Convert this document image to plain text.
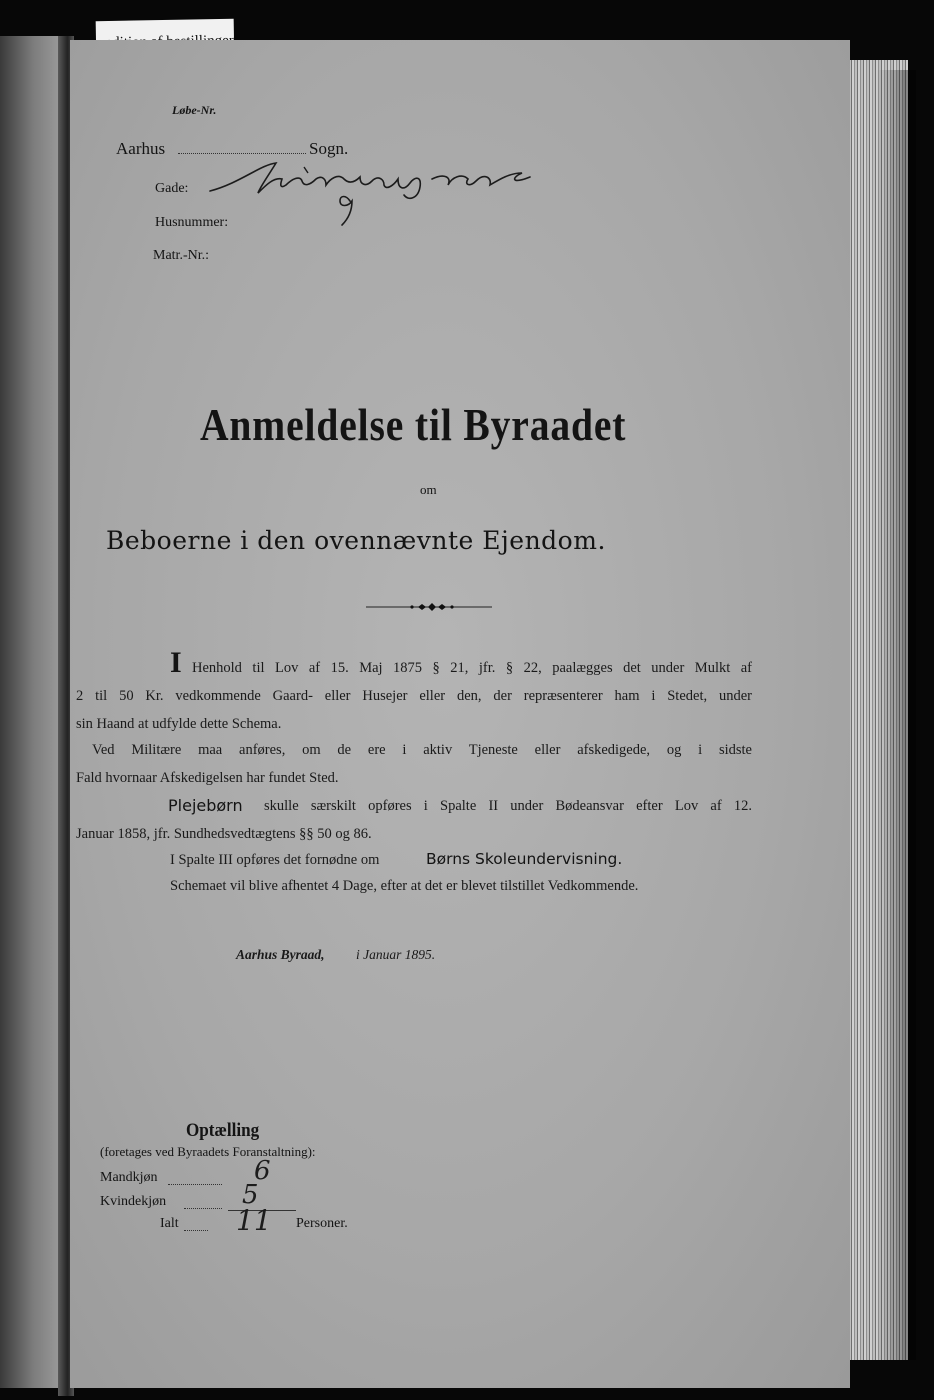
Løbe-Nr.
Aarhus	Sogn.
Gade:
Husnummer:
Matr.-Nr.:
Anmeldelse til Byraadet
om
Beboerne i den ovennævnte Ejendom.
I Henhold til Lov af 15. Maj 1875 § 21, jfr. § 22, paalægges det under Mulkt af
2 til 50 Kr. vedkommende Gaard- eller Husejer eller den, der repræsenterer ham i Stedet, under
sin Haand at udfylde dette Schema.
Ved Militære maa anføres, om de ere i aktiv Tjeneste eller afskedigede, og i sidste
Fald hvornaar Afskedigelsen har fundet Sted.
Plejebørn skulle særskilt opføres i Spalte II under Bødeansvar efter Lov af 12.
Januar 1858, jfr. Sundhedsvedtægtens §§ 50 og 86.
I Spalte III opføres det fornødne om	Børns Skoleundervisning.
Schemaet vil blive afhentet 4 Dage, efter at det er blevet tilstillet Vedkommende.
Aarhus Byraad, i Januar 1895.
Optælling
(foretages ved Byraadets Foranstaltning):
Mandkjøn	6
Kvindekjøn	5
Ialt 11 Personer.
